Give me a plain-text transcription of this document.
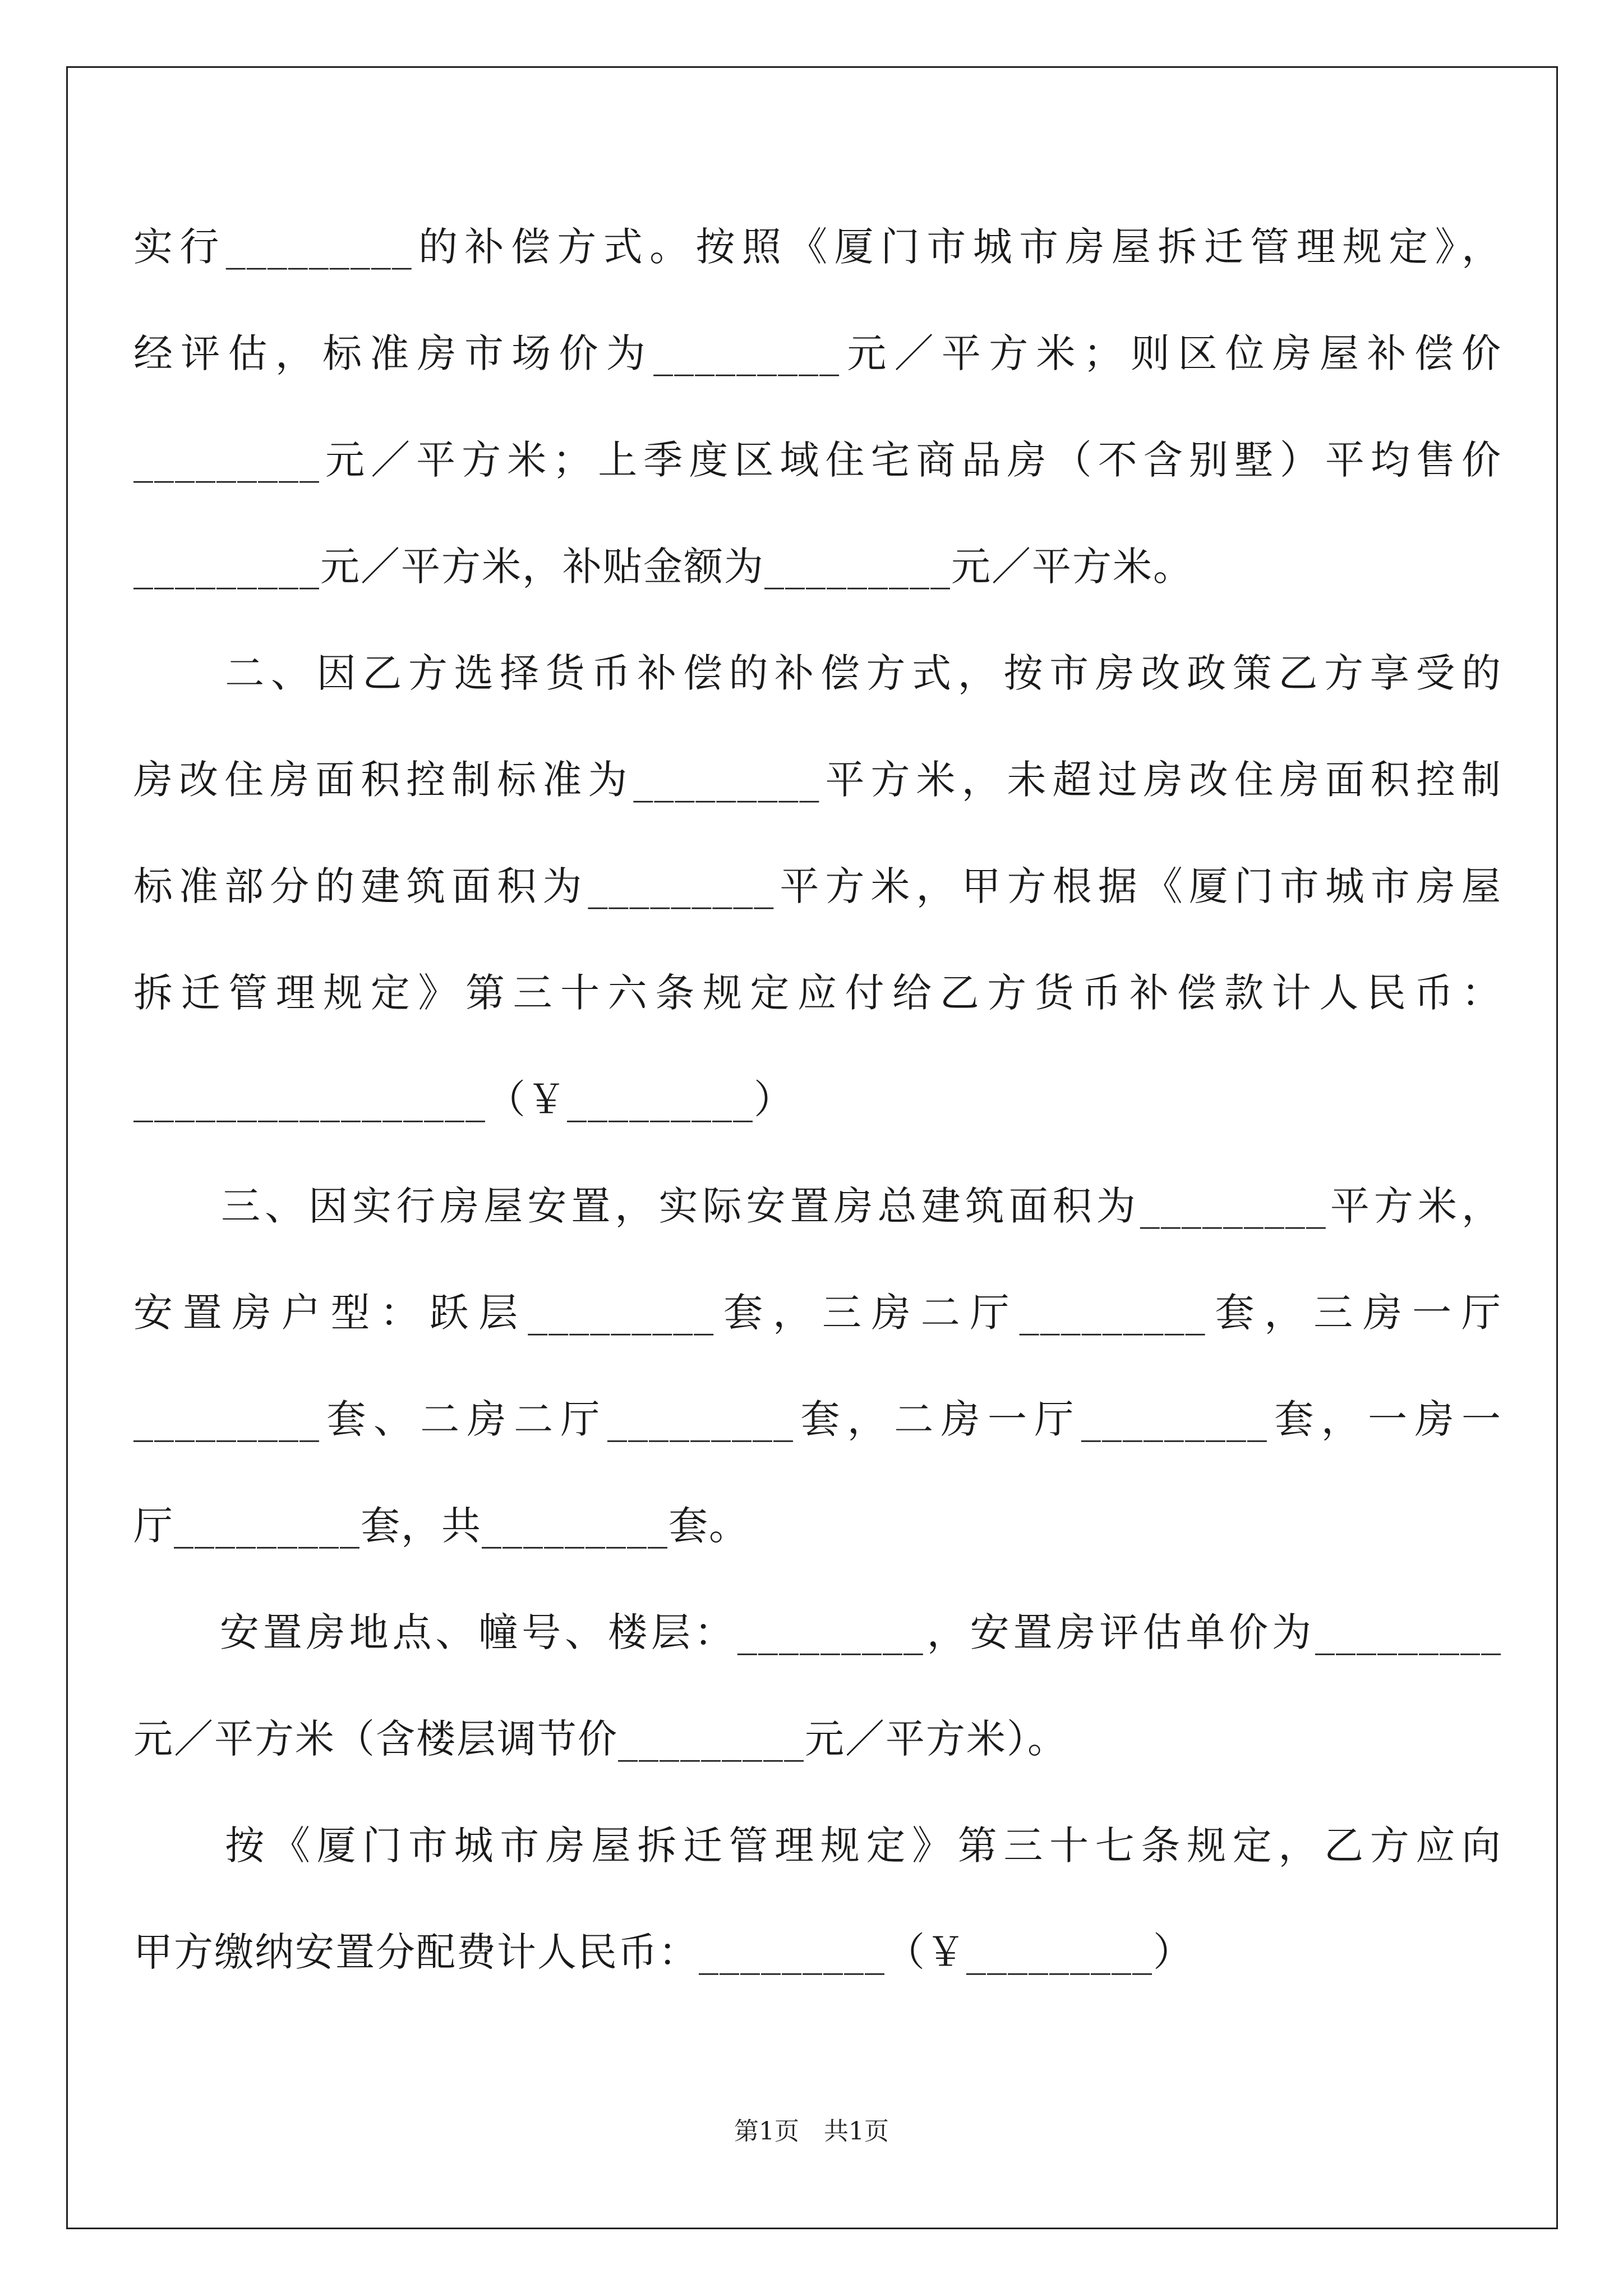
实行_________的补偿方式。按照《厦门市城市房屋拆迁管理规定》，
经评估，标准房市场价为_________元／平方米；则区位房屋补偿价
_________元／平方米；上季度区域住宅商品房（不含别墅）平均售价
_________元／平方米，补贴金额为_________元／平方米。
　　二、因乙方选择货币补偿的补偿方式，按市房改政策乙方享受的
房改住房面积控制标准为_________平方米，未超过房改住房面积控制
标准部分的建筑面积为_________平方米，甲方根据《厦门市城市房屋
拆迁管理规定》第三十六条规定应付给乙方货币补偿款计人民币：
_________________（￥_________）
　　三、因实行房屋安置，实际安置房总建筑面积为_________平方米，
安置房户型：跃层_________套，三房二厅_________套，三房一厅
_________套、二房二厅_________套，二房一厅_________套，一房一
厅_________套，共_________套。
　　安置房地点、幢号、楼层：_________，安置房评估单价为_________
元／平方米（含楼层调节价_________元／平方米）。
　　按《厦门市城市房屋拆迁管理规定》第三十七条规定，乙方应向
甲方缴纳安置分配费计人民币：_________（￥_________）
第1页　共1页
